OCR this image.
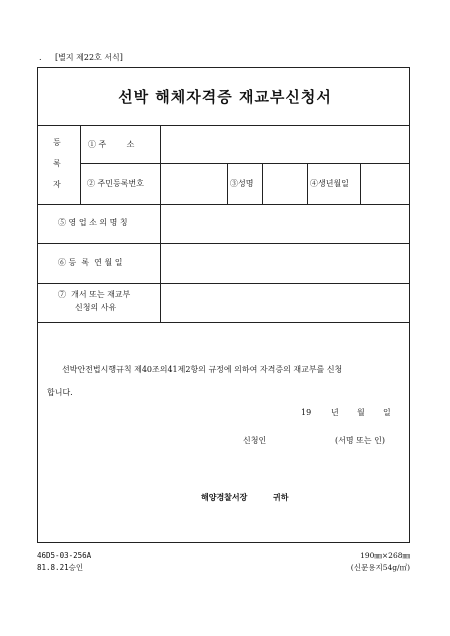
. [별지 제22호 서식]
선박 해체자격증 재교부신청서
등
록
자
① 주        소
② 주민등록번호	③성명	④생년월일
⑤ 영 업 소 의 명 칭
⑥ 등  록  연 월 일
⑦  개서 또는 재교부
신청의 사유
선박안전법시행규칙 제40조의41제2항의 규정에 의하여 자격증의 재교부를 신청
합니다.
19 년 월 일
신청인	(서명 또는 인)
해양경찰서장	귀하
46D5-03-256A
81.8.21승인
190㎜×268㎜
(신문용지54g/㎡)
